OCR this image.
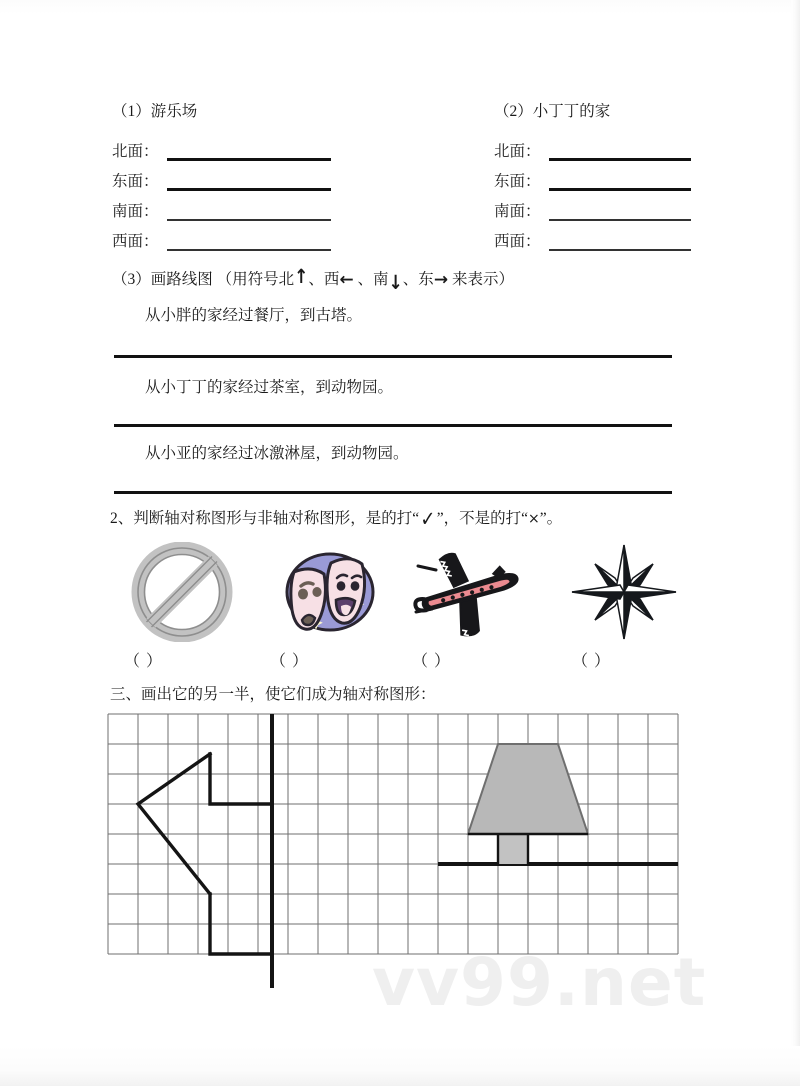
（1）游乐场
北面：
东面：
南面：
西面：
（2）小丁丁的家
北面：
东面：
南面：
西面：
（3）画路线图 （用符号北↑、西← 、南↓、东→ 来表示）
从小胖的家经过餐厅，到古塔。
从小丁丁的家经过茶室，到动物园。
从小亚的家经过冰激淋屋，到动物园。
2、判断轴对称图形与非轴对称图形，是的打“✓”，不是的打“×”。
（ ）	（ ）	（ ）	（ ）
三、画出它的另一半，使它们成为轴对称图形：
vv99.net
